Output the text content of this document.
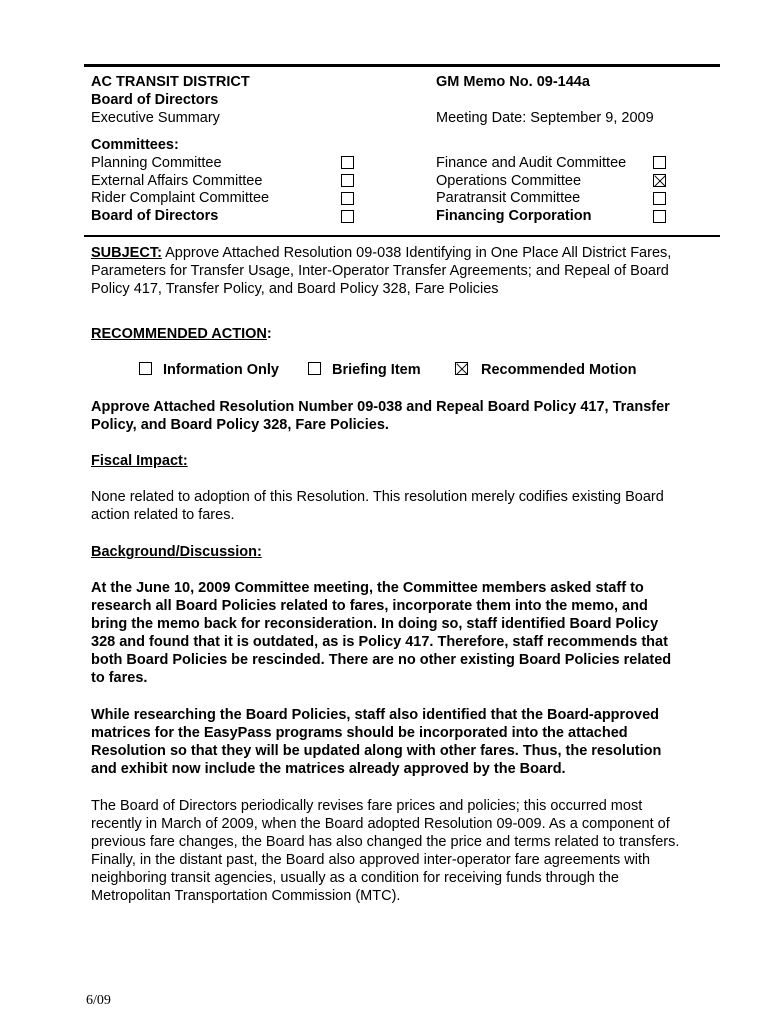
AC TRANSIT DISTRICT
Board of Directors
Executive Summary
GM Memo No. 09-144a
Meeting Date: September 9, 2009
Committees:
Planning Committee
External Affairs Committee
Rider Complaint Committee
Board of Directors
Finance and Audit Committee
Operations Committee
Paratransit Committee
Financing Corporation
SUBJECT: Approve Attached Resolution 09-038 Identifying in One Place All District Fares,
Parameters for Transfer Usage, Inter-Operator Transfer Agreements; and Repeal of Board
Policy 417, Transfer Policy, and Board Policy 328, Fare Policies
RECOMMENDED ACTION:
Information Only	Briefing Item	Recommended Motion
Approve Attached Resolution Number 09-038 and Repeal Board Policy 417, Transfer
Policy, and Board Policy 328, Fare Policies.
Fiscal Impact:
None related to adoption of this Resolution. This resolution merely codifies existing Board
action related to fares.
Background/Discussion:
At the June 10, 2009 Committee meeting, the Committee members asked staff to
research all Board Policies related to fares, incorporate them into the memo, and
bring the memo back for reconsideration. In doing so, staff identified Board Policy
328 and found that it is outdated, as is Policy 417. Therefore, staff recommends that
both Board Policies be rescinded. There are no other existing Board Policies related
to fares.
While researching the Board Policies, staff also identified that the Board-approved
matrices for the EasyPass programs should be incorporated into the attached
Resolution so that they will be updated along with other fares. Thus, the resolution
and exhibit now include the matrices already approved by the Board.
The Board of Directors periodically revises fare prices and policies; this occurred most
recently in March of 2009, when the Board adopted Resolution 09-009. As a component of
previous fare changes, the Board has also changed the price and terms related to transfers.
Finally, in the distant past, the Board also approved inter-operator fare agreements with
neighboring transit agencies, usually as a condition for receiving funds through the
Metropolitan Transportation Commission (MTC).
6/09
